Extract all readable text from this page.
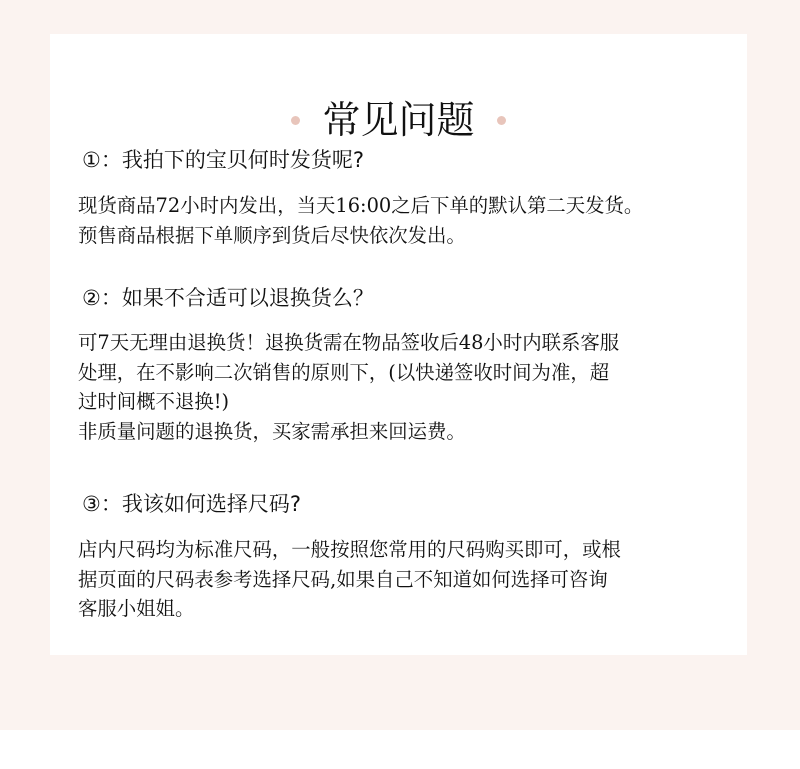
常见问题
①：我拍下的宝贝何时发货呢?
现货商品72小时内发出，当天16:00之后下单的默认第二天发货。
预售商品根据下单顺序到货后尽快依次发出。
②：如果不合适可以退换货么？
可7天无理由退换货！退换货需在物品签收后48小时内联系客服
处理，在不影响二次销售的原则下，(以快递签收时间为准，超
过时间概不退换!)
非质量问题的退换货，买家需承担来回运费。
③：我该如何选择尺码?
店内尺码均为标准尺码，一般按照您常用的尺码购买即可，或根
据页面的尺码表参考选择尺码,如果自己不知道如何选择可咨询
客服小姐姐。
